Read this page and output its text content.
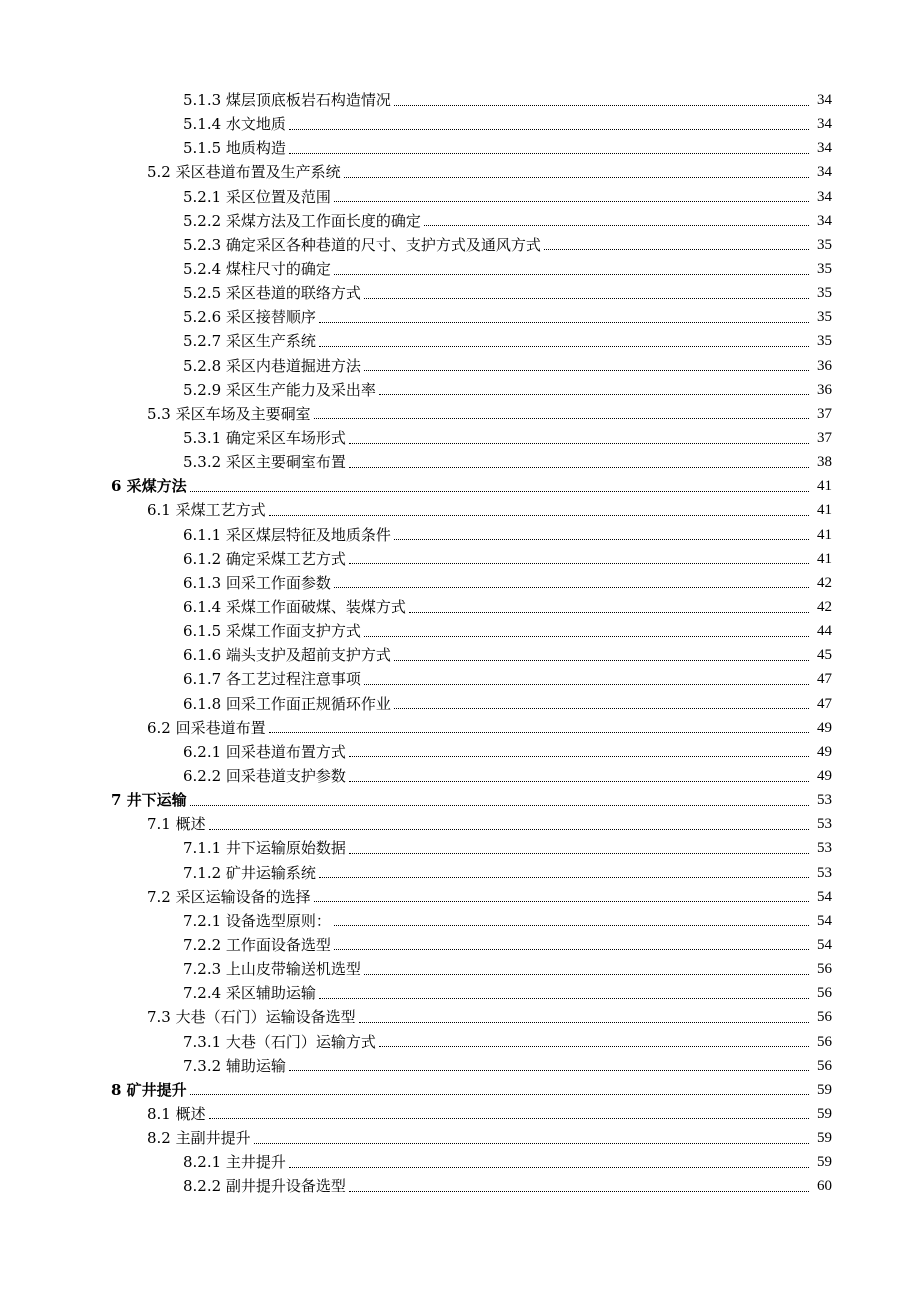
5.1.3 煤层顶底板岩石构造情况	34
5.1.4 水文地质	34
5.1.5 地质构造	34
5.2 采区巷道布置及生产系统	34
5.2.1 采区位置及范围	34
5.2.2 采煤方法及工作面长度的确定	34
5.2.3 确定采区各种巷道的尺寸、支护方式及通风方式	35
5.2.4 煤柱尺寸的确定	35
5.2.5 采区巷道的联络方式	35
5.2.6 采区接替顺序	35
5.2.7 采区生产系统	35
5.2.8 采区内巷道掘进方法	36
5.2.9 采区生产能力及采出率	36
5.3 采区车场及主要硐室	37
5.3.1 确定采区车场形式	37
5.3.2 采区主要硐室布置	38
6 采煤方法	41
6.1 采煤工艺方式	41
6.1.1 采区煤层特征及地质条件	41
6.1.2 确定采煤工艺方式	41
6.1.3 回采工作面参数	42
6.1.4 采煤工作面破煤、装煤方式	42
6.1.5 采煤工作面支护方式	44
6.1.6 端头支护及超前支护方式	45
6.1.7 各工艺过程注意事项	47
6.1.8 回采工作面正规循环作业	47
6.2 回采巷道布置	49
6.2.1 回采巷道布置方式	49
6.2.2 回采巷道支护参数	49
7 井下运输	53
7.1 概述	53
7.1.1 井下运输原始数据	53
7.1.2 矿井运输系统	53
7.2 采区运输设备的选择	54
7.2.1 设备选型原则：	54
7.2.2 工作面设备选型	54
7.2.3 上山皮带输送机选型	56
7.2.4 采区辅助运输	56
7.3 大巷（石门）运输设备选型	56
7.3.1 大巷（石门）运输方式	56
7.3.2 辅助运输	56
8 矿井提升	59
8.1 概述	59
8.2 主副井提升	59
8.2.1 主井提升	59
8.2.2 副井提升设备选型	60
